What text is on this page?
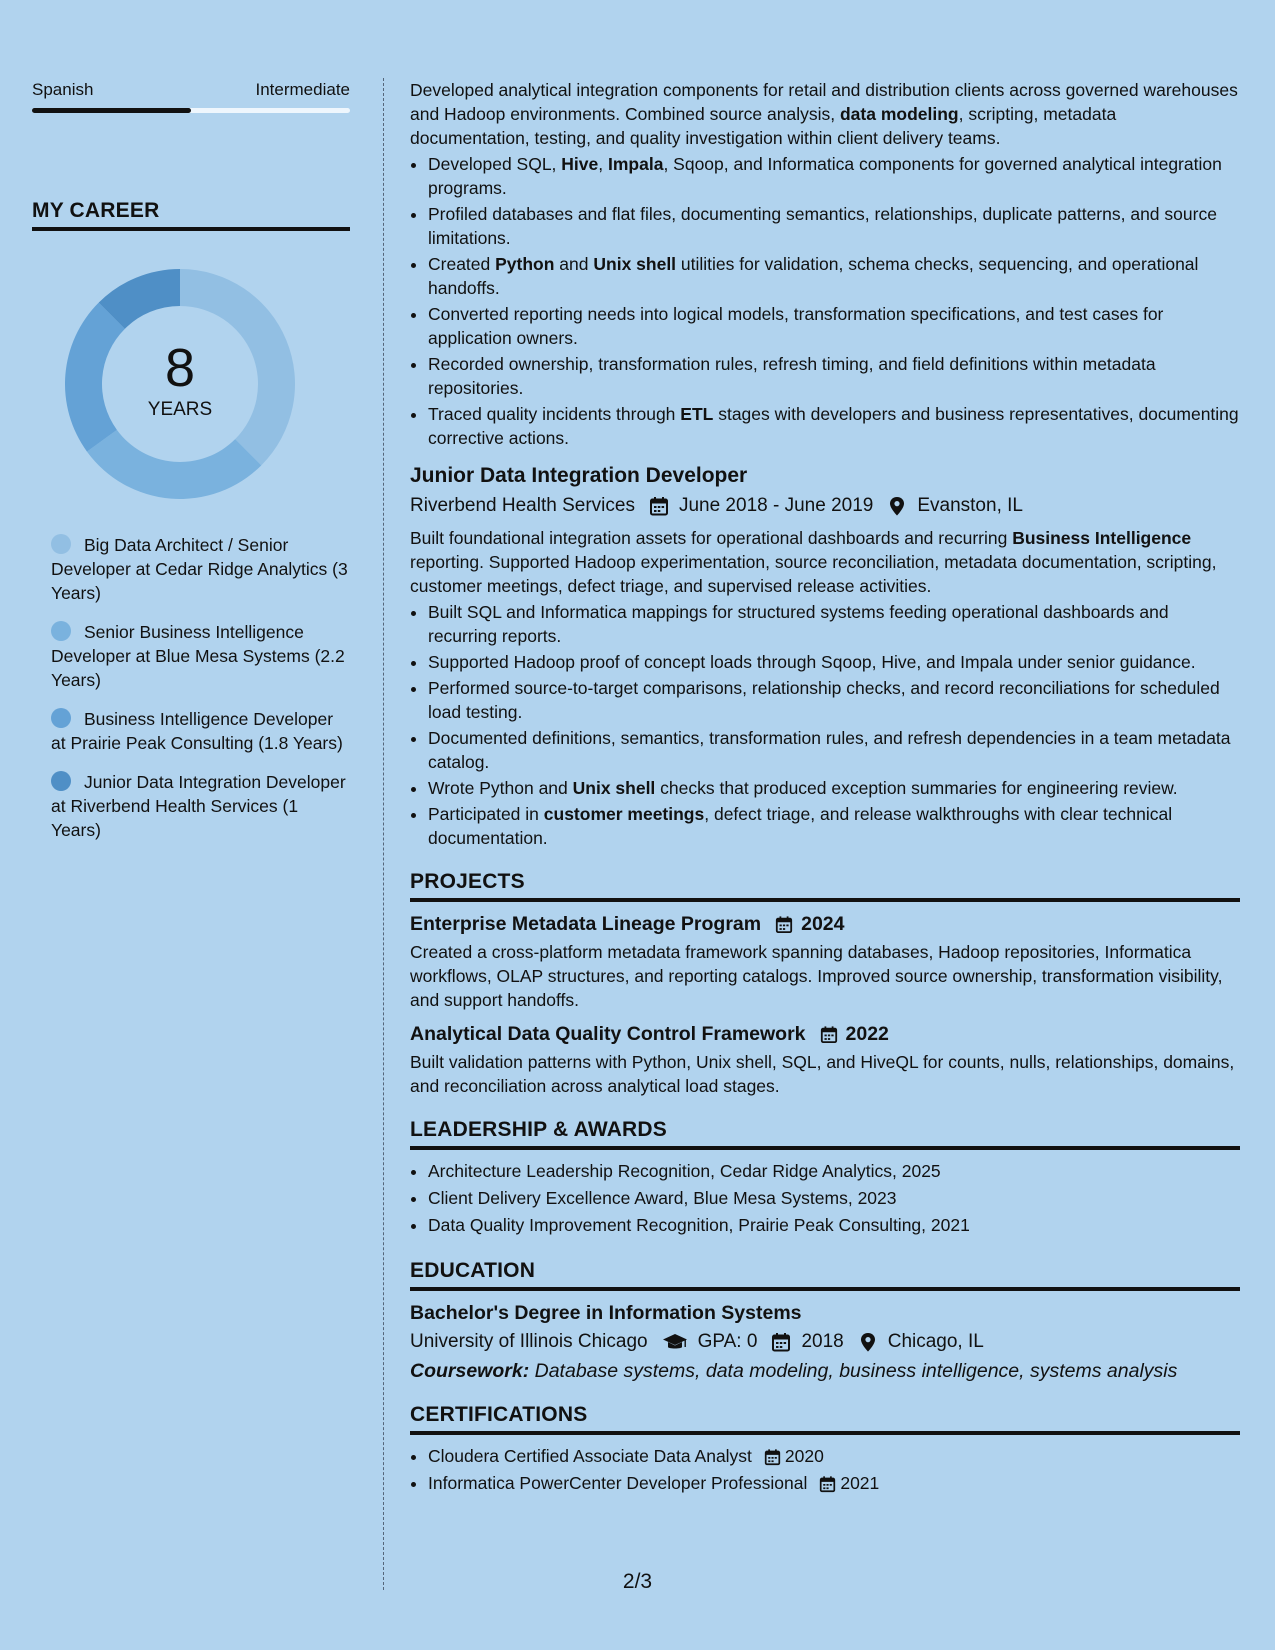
Spanish	Intermediate
MY CAREER
8
YEARS
Big Data Architect / Senior Developer at Cedar Ridge Analytics (3 Years)
Senior Business Intelligence Developer at Blue Mesa Systems (2.2 Years)
Business Intelligence Developer at Prairie Peak Consulting (1.8 Years)
Junior Data Integration Developer at Riverbend Health Services (1 Years)
Developed analytical integration components for retail and distribution clients across governed warehouses and Hadoop environments. Combined source analysis, data modeling, scripting, metadata documentation, testing, and quality investigation within client delivery teams.
• Developed SQL, Hive, Impala, Sqoop, and Informatica components for governed analytical integration programs.
• Profiled databases and flat files, documenting semantics, relationships, duplicate patterns, and source limitations.
• Created Python and Unix shell utilities for validation, schema checks, sequencing, and operational handoffs.
• Converted reporting needs into logical models, transformation specifications, and test cases for application owners.
• Recorded ownership, transformation rules, refresh timing, and field definitions within metadata repositories.
• Traced quality incidents through ETL stages with developers and business representatives, documenting corrective actions.
Junior Data Integration Developer
Riverbend Health Services June 2018 - June 2019 Evanston, IL
Built foundational integration assets for operational dashboards and recurring Business Intelligence reporting. Supported Hadoop experimentation, source reconciliation, metadata documentation, scripting, customer meetings, defect triage, and supervised release activities.
• Built SQL and Informatica mappings for structured systems feeding operational dashboards and recurring reports.
• Supported Hadoop proof of concept loads through Sqoop, Hive, and Impala under senior guidance.
• Performed source-to-target comparisons, relationship checks, and record reconciliations for scheduled load testing.
• Documented definitions, semantics, transformation rules, and refresh dependencies in a team metadata catalog.
• Wrote Python and Unix shell checks that produced exception summaries for engineering review.
• Participated in customer meetings, defect triage, and release walkthroughs with clear technical documentation.
PROJECTS
Enterprise Metadata Lineage Program 2024
Created a cross-platform metadata framework spanning databases, Hadoop repositories, Informatica workflows, OLAP structures, and reporting catalogs. Improved source ownership, transformation visibility, and support handoffs.
Analytical Data Quality Control Framework 2022
Built validation patterns with Python, Unix shell, SQL, and HiveQL for counts, nulls, relationships, domains, and reconciliation across analytical load stages.
LEADERSHIP & AWARDS
• Architecture Leadership Recognition, Cedar Ridge Analytics, 2025
• Client Delivery Excellence Award, Blue Mesa Systems, 2023
• Data Quality Improvement Recognition, Prairie Peak Consulting, 2021
EDUCATION
Bachelor's Degree in Information Systems
University of Illinois Chicago	GPA: 0 2018 Chicago, IL
Coursework: Database systems, data modeling, business intelligence, systems analysis
CERTIFICATIONS
• Cloudera Certified Associate Data Analyst 2020
• Informatica PowerCenter Developer Professional 2021
2/3
